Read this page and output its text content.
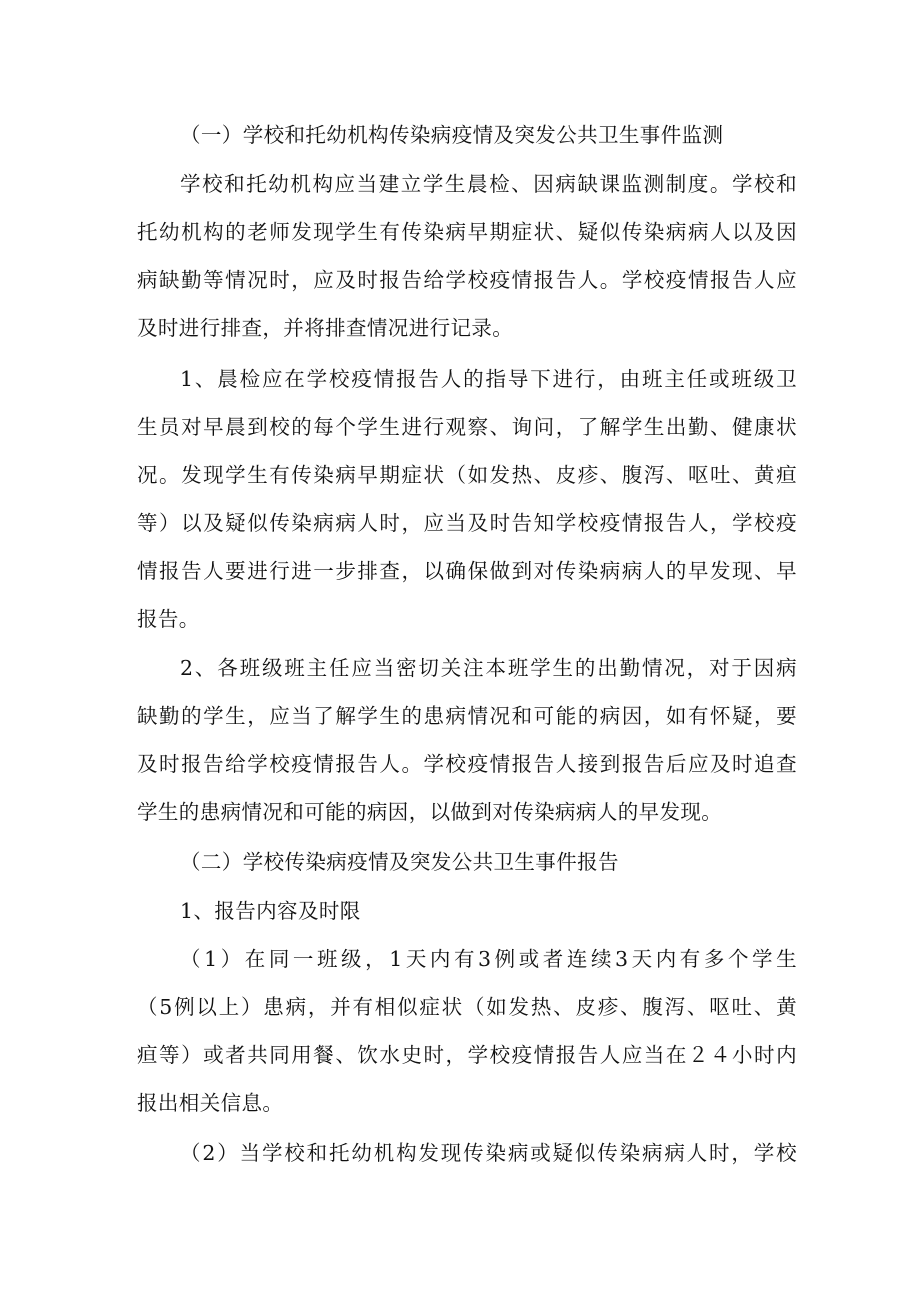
（一）学校和托幼机构传染病疫情及突发公共卫生事件监测
学校和托幼机构应当建立学生晨检、因病缺课监测制度。学校和
托幼机构的老师发现学生有传染病早期症状、疑似传染病病人以及因
病缺勤等情况时，应及时报告给学校疫情报告人。学校疫情报告人应
及时进行排查，并将排查情况进行记录。
1、晨检应在学校疫情报告人的指导下进行，由班主任或班级卫
生员对早晨到校的每个学生进行观察、询问，了解学生出勤、健康状
况。发现学生有传染病早期症状（如发热、皮疹、腹泻、呕吐、黄疸
等）以及疑似传染病病人时，应当及时告知学校疫情报告人，学校疫
情报告人要进行进一步排查，以确保做到对传染病病人的早发现、早
报告。
2、各班级班主任应当密切关注本班学生的出勤情况，对于因病
缺勤的学生，应当了解学生的患病情况和可能的病因，如有怀疑，要
及时报告给学校疫情报告人。学校疫情报告人接到报告后应及时追查
学生的患病情况和可能的病因，以做到对传染病病人的早发现。
（二）学校传染病疫情及突发公共卫生事件报告
1、报告内容及时限
（1）在同一班级，1天内有3例或者连续3天内有多个学生
（5例以上）患病，并有相似症状（如发热、皮疹、腹泻、呕吐、黄
疸等）或者共同用餐、饮水史时，学校疫情报告人应当在２４小时内
报出相关信息。
（2）当学校和托幼机构发现传染病或疑似传染病病人时，学校
